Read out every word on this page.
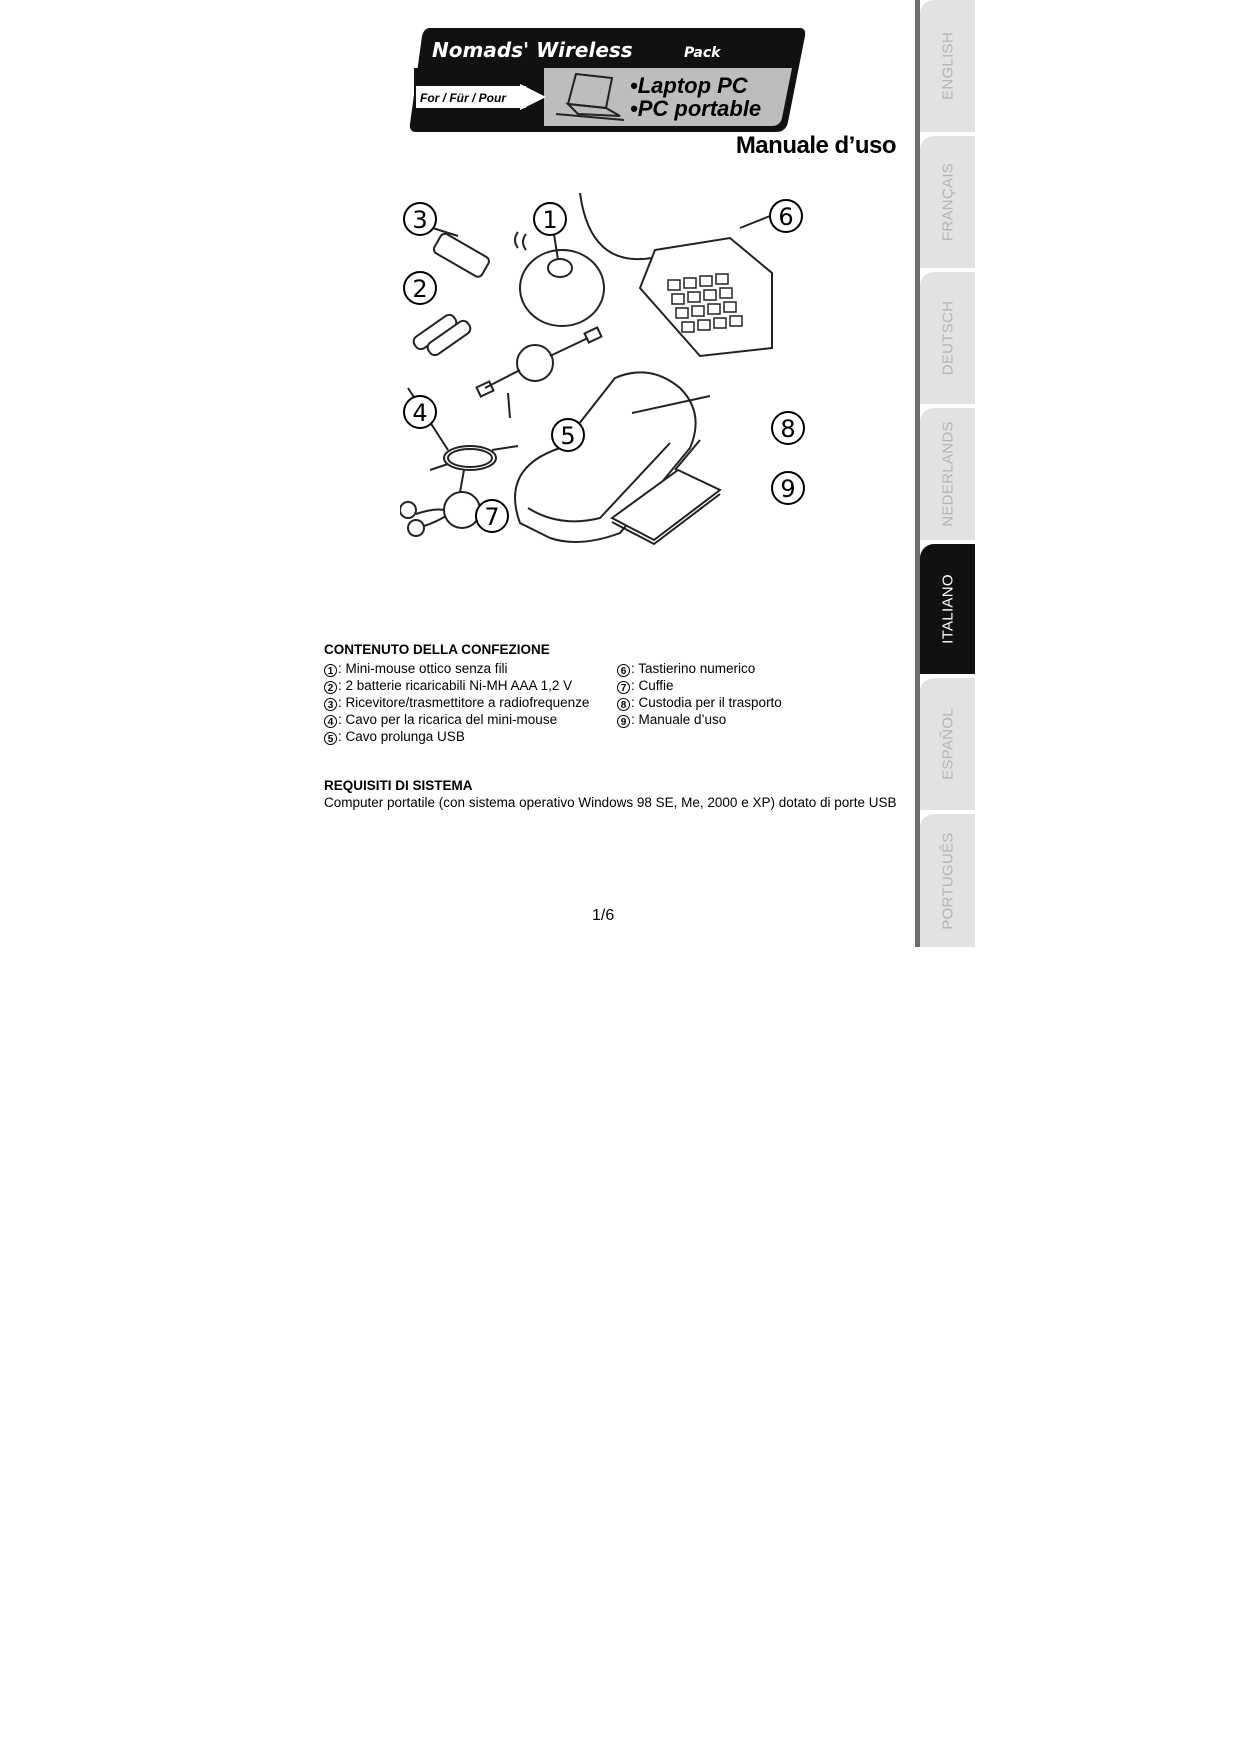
Nomads' Wireless	Pack
For / Für / Pour	•Laptop PC
•PC portable
Manuale d’uso
3	1	6
2
4
5	8
9
7
CONTENUTO DELLA CONFEZIONE
1 : Mini-mouse ottico senza fili
2 : 2 batterie ricaricabili Ni-MH AAA 1,2 V
3 : Ricevitore/trasmettitore a radiofrequenze
4 : Cavo per la ricarica del mini-mouse
5 : Cavo prolunga USB
6 : Tastierino numerico
7 : Cuffie
8 : Custodia per il trasporto
9 : Manuale d’uso
REQUISITI DI SISTEMA
Computer portatile (con sistema operativo Windows 98 SE, Me, 2000 e XP) dotato di porte USB
1/6
ENGLISH
FRANÇAIS
DEUTSCH
NEDERLANDS
ITALIANO
ESPAÑOL
PORTUGUÊS
